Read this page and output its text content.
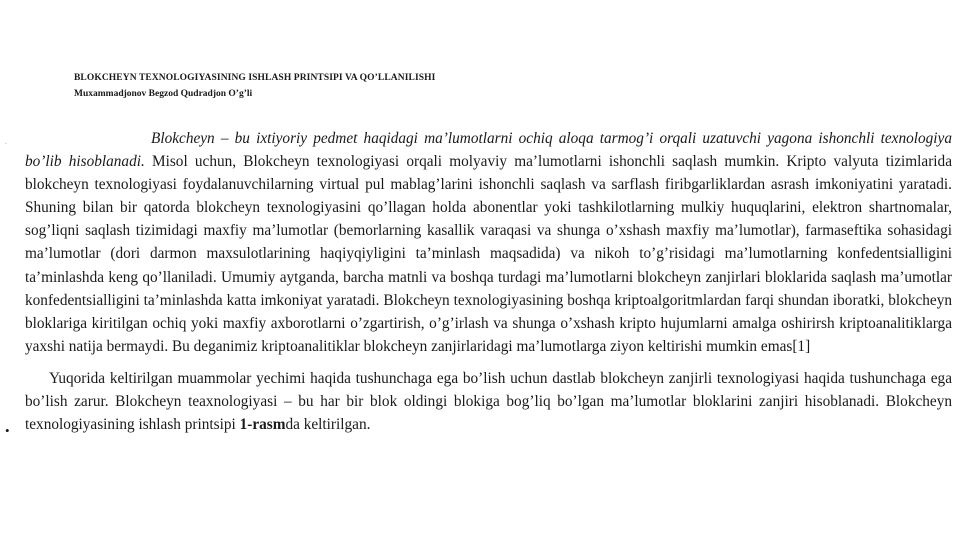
BLOKCHEYN TEXNOLOGIYASINING ISHLASH PRINTSIPI VA QO’LLANILISHI
Muxammadjonov Begzod Qudradjon O’g’li
·
•

Blokcheyn – bu ixtiyoriy pedmet haqidagi ma’lumotlarni ochiq aloqa tarmog’i orqali uzatuvchi yagona ishonchli texnologiya bo’lib hisoblanadi. Misol uchun, Blokcheyn texnologiyasi orqali molyaviy ma’lumotlarni ishonchli saqlash mumkin. Kripto valyuta tizimlarida blokcheyn texnologiyasi foydalanuvchilarning virtual pul mablag’larini ishonchli saqlash va sarflash firibgarliklardan asrash imkoniyatini yaratadi. Shuning bilan bir qatorda blokcheyn texnologiyasini qo’llagan holda abonentlar yoki tashkilotlarning mulkiy huquqlarini, elektron shartnomalar, sog’liqni saqlash tizimidagi maxfiy ma’lumotlar (bemorlarning kasallik varaqasi va shunga o’xshash maxfiy ma’lumotlar), farmaseftika sohasidagi ma’lumotlar (dori darmon maxsulotlarining haqiyqiyligini ta’minlash maqsadida) va nikoh to’g’risidagi ma’lumotlarning konfedentsialligini ta’minlashda keng qo’llaniladi. Umumiy aytganda, barcha matnli va boshqa turdagi ma’lumotlarni blokcheyn zanjirlari bloklarida saqlash ma’umotlar konfedentsialligini ta’minlashda katta imkoniyat yaratadi. Blokcheyn texnologiyasining boshqa kriptoalgoritmlardan farqi shundan iboratki, blokcheyn bloklariga kiritilgan ochiq yoki maxfiy axborotlarni o’zgartirish, o’g’irlash va shunga o’xshash kripto hujumlarni amalga oshirirsh kriptoanalitiklarga yaxshi natija bermaydi. Bu deganimiz kriptoanalitiklar blokcheyn zanjirlaridagi ma’lumotlarga ziyon keltirishi mumkin emas[1]

Yuqorida keltirilgan muammolar yechimi haqida tushunchaga ega bo’lish uchun dastlab blokcheyn zanjirli texnologiyasi haqida tushunchaga ega bo’lish zarur. Blokcheyn teaxnologiyasi – bu har bir blok oldingi blokiga bog’liq bo’lgan ma’lumotlar bloklarini zanjiri hisoblanadi. Blokcheyn texnologiyasining ishlash printsipi 1-rasmda keltirilgan.
